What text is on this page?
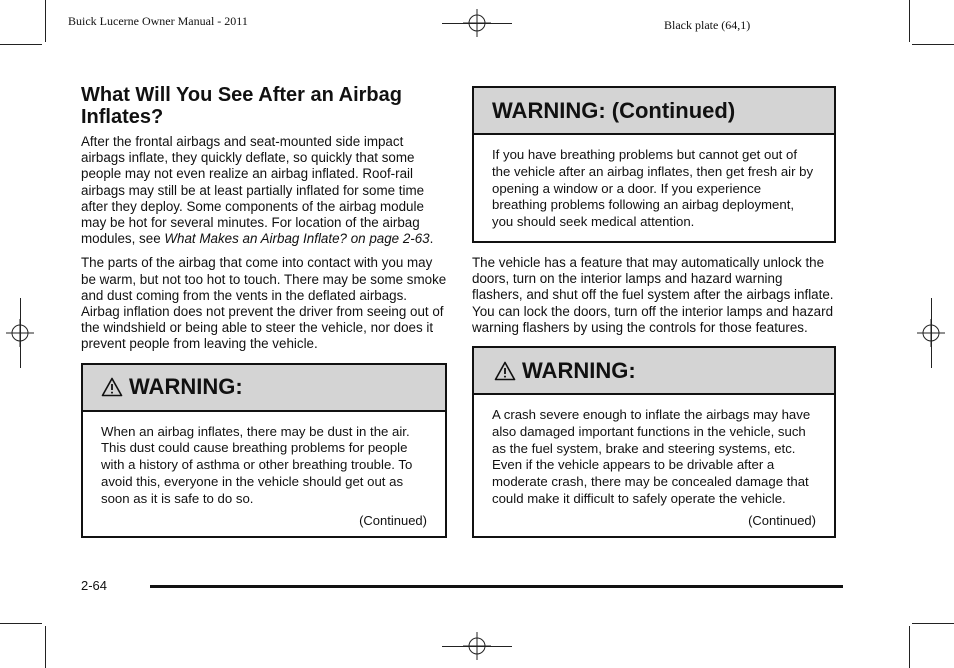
Buick Lucerne Owner Manual - 2011	Black plate (64,1)
What Will You See After an Airbag Inflates?

After the frontal airbags and seat-mounted side impact airbags inflate, they quickly deflate, so quickly that some people may not even realize an airbag inflated. Roof-rail airbags may still be at least partially inflated for some time after they deploy. Some components of the airbag module may be hot for several minutes. For location of the airbag modules, see What Makes an Airbag Inflate? on page 2-63.

The parts of the airbag that come into contact with you may be warm, but not too hot to touch. There may be some smoke and dust coming from the vents in the deflated airbags. Airbag inflation does not prevent the driver from seeing out of the windshield or being able to steer the vehicle, nor does it prevent people from leaving the vehicle.

WARNING:
When an airbag inflates, there may be dust in the air. This dust could cause breathing problems for people with a history of asthma or other breathing trouble. To avoid this, everyone in the vehicle should get out as soon as it is safe to do so.
(Continued)
WARNING: (Continued)
If you have breathing problems but cannot get out of the vehicle after an airbag inflates, then get fresh air by opening a window or a door. If you experience breathing problems following an airbag deployment, you should seek medical attention.

The vehicle has a feature that may automatically unlock the doors, turn on the interior lamps and hazard warning flashers, and shut off the fuel system after the airbags inflate. You can lock the doors, turn off the interior lamps and hazard warning flashers by using the controls for those features.

WARNING:
A crash severe enough to inflate the airbags may have also damaged important functions in the vehicle, such as the fuel system, brake and steering systems, etc. Even if the vehicle appears to be drivable after a moderate crash, there may be concealed damage that could make it difficult to safely operate the vehicle.
(Continued)
2-64
